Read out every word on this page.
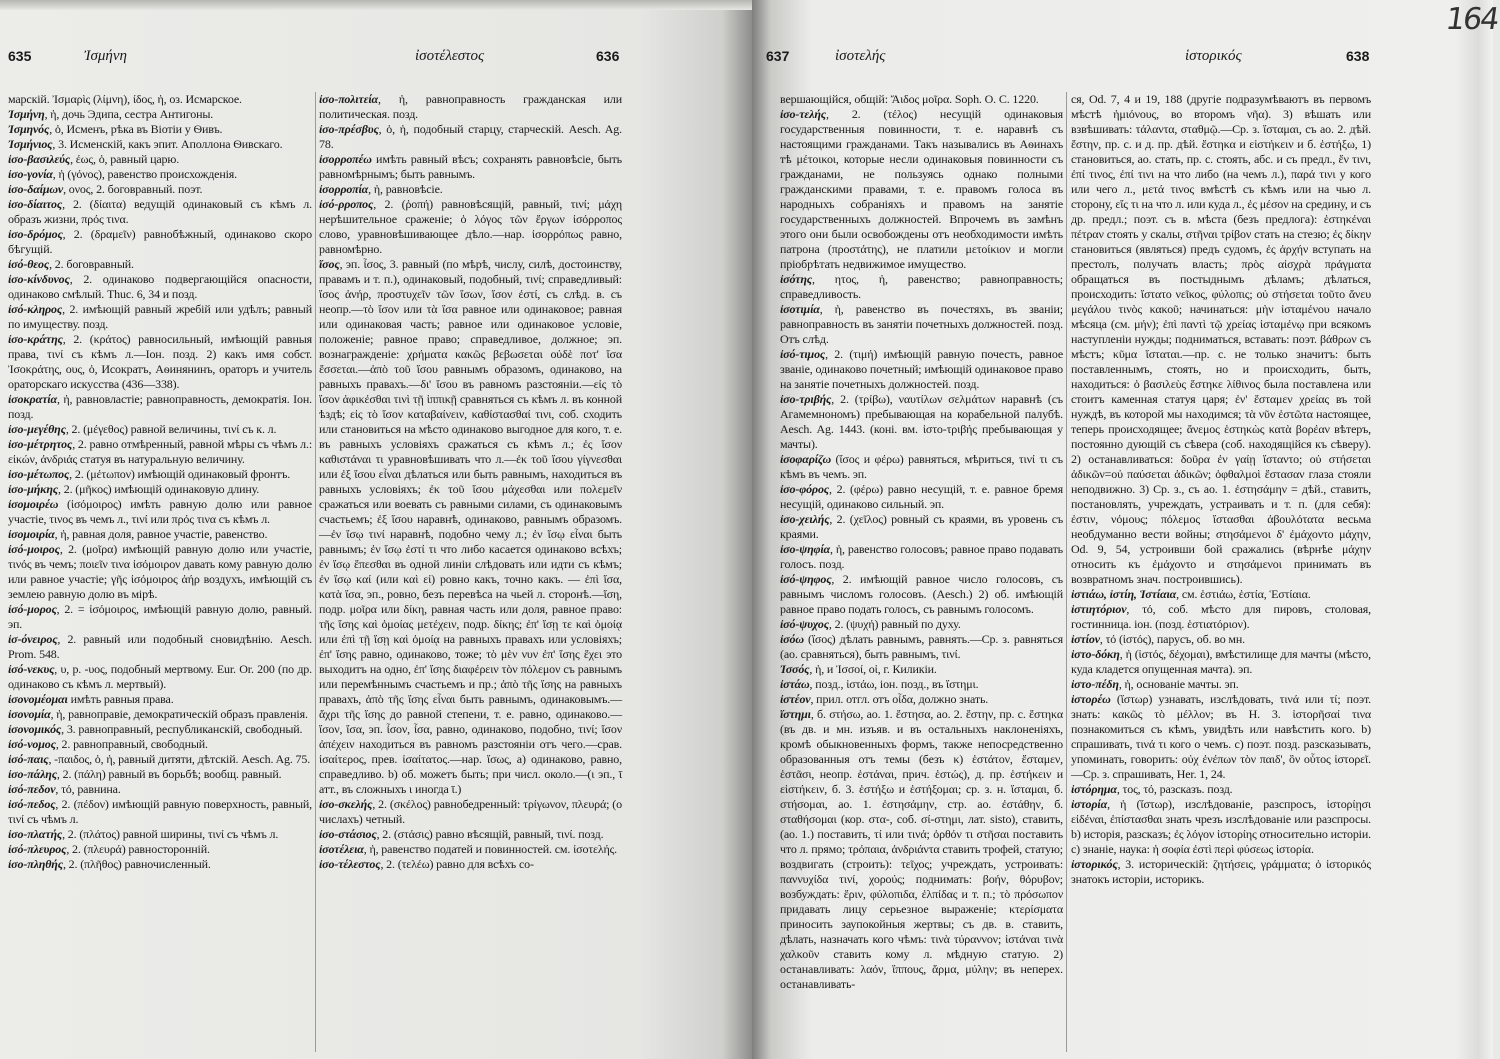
164
635	Ἰσμήνη	ἰσοτέλεστος	636	637	ἰσοτελής	ἱστορικός	638

марскій. Ἰσμαρὶς (λίμνη), ίδος, ἡ, оз. Исмарское.

Ἰσμήνη, ἡ, дочь Эдипа, сестра Антигоны.

Ἰσμηνός, ὁ, Исменъ, рѣка въ Віотіи у Ѳивъ.

Ἰσμήνιος, 3. Исменскій, какъ эпит. Аполлона Ѳивскаго.

ἰσο-βασιλεύς, έως, ὁ, равный царю.

ἰσο-γονία, ἡ (γόνος), равенство происхожденія.

ἰσο-δαίμων, ονος, 2. боговравный. поэт.

ἰσο-δίαιτος, 2. (δίαιτα) ведущій одинаковый съ кѣмъ л. образъ жизни, πρός τινα.

ἰσο-δρόμος, 2. (δραμεῖν) равнобѣжный, одинаково скоро бѣгущій.

ἰσό-θεος, 2. боговравный.

ἰσο-κίνδυνος, 2. одинаково подвергающійся опасности, одинаково смѣлый. Thuc. 6, 34 и позд.

ἰσό-κληρος, 2. имѣющій равный жребій или удѣлъ; равный по имуществу. позд.

ἰσο-κράτης, 2. (κράτος) равносильный, имѣющій равныя права, τινί съ кѣмъ л.—Іон. позд. 2) какъ имя собст. Ἰσοκράτης, ους, ὁ, Исократъ, Аѳинянинъ, ораторъ и учитель ораторскаго искусства (436—338).

ἰσοκρατία, ἡ, равновластіе; равноправность, демократія. Іон. позд.

ἰσο-μεγέθης, 2. (μέγεθος) равной величины, τινί съ к. л.

ἰσο-μέτρητος, 2. равно отмѣренный, равной мѣры съ чѣмъ л.: εἰκών, ἀνδριάς статуя въ натуральную величину.

ἰσο-μέτωπος, 2. (μέτωπον) имѣющій одинаковый фронтъ.

ἰσο-μήκης, 2. (μῆκος) имѣющій одинаковую длину.

ἰσομοιρέω (ἰσόμοιρος) имѣть равную долю или равное участіе, τινος въ чемъ л., τινί или πρός τινα съ кѣмъ л.

ἰσομοιρία, ἡ, равная доля, равное участіе, равенство.

ἰσό-μοιρος, 2. (μοῖρα) имѣющій равную долю или участіе, τινός въ чемъ; ποιεῖν τινα ἰσόμοιρον давать кому равную долю или равное участіе; γῆς ἰσόμοιρος ἀήρ воздухъ, имѣющій съ землею равную долю въ мірѣ.

ἰσό-μορος, 2. = ἰσόμοιρος, имѣющій равную долю, равный. эп.

ἰσ-όνειρος, 2. равный или подобный сновидѣнію. Aesch. Prom. 548.

ἰσό-νεκυς, υ, р. -υος, подобный мертвому. Eur. Or. 200 (по др. одинаково съ кѣмъ л. мертвый).

ἰσονομέομαι имѣть равныя права.

ἰσονομία, ἡ, равноправіе, демократическій образъ правленія.

ἰσονομικός, 3. равноправный, республиканскій, свободный.

ἰσό-νομος, 2. равноправный, свободный.

ἰσό-παις, -παιδος, ὁ, ἡ, равный дитяти, дѣтскій. Aesch. Ag. 75.

ἰσο-πάλης, 2. (πάλη) равный въ борьбѣ; вообщ. равный.

ἰσό-πεδον, τό, равнина.

ἰσό-πεδος, 2. (πέδον) имѣющій равную поверхность, равный, τινί съ чѣмъ л.

ἰσο-πλατής, 2. (πλάτος) равной ширины, τινί съ чѣмъ л.

ἰσό-πλευρος, 2. (πλευρά) равносторонній.

ἰσο-πληθής, 2. (πλῆθος) равночисленный.

ἰσο-πολιτεία, ἡ, равноправность гражданская или политическая. позд.

ἰσο-πρέσβυς, ὁ, ἡ, подобный старцу, старческій. Aesch. Ag. 78.

ἰσορροπέω имѣть равный вѣсъ; сохранять равновѣсіе, быть равномѣрнымъ; быть равнымъ.

ἰσορροπία, ἡ, равновѣсіе.

ἰσό-ρροπος, 2. (ῥοπή) равновѣсящій, равный, τινί; μάχη нерѣшительное сраженіе; ὁ λόγος τῶν ἔργων ἰσόρροπος слово, уравновѣшивающее дѣло.—нар. ἰσορρόπως равно, равномѣрно.

ἴσος, эп. ἶσος, 3. равный (по мѣрѣ, числу, силѣ, достоинству, правамъ и т. п.), одинаковый, подобный, τινί; справедливый: ἴσος ἀνήρ, προστυχεῖν τῶν ἴσων, ἴσον ἐστί, съ слѣд. в. съ неопр.—τὸ ἴσον или τὰ ἴσα равное или одинаковое; равная или одинаковая часть; равное или одинаковое условіе, положеніе; равное право; справедливое, должное; эп. вознагражденіе: χρήματα κακῶς βεβωσεται οὐδὲ ποτ' ἴσα ἔσσεται.—ἀπὸ τοῦ ἴσου равнымъ образомъ, одинаково, на равныхъ правахъ.—δι' ἴσου въ равномъ разстояніи.—εἰς τὸ ἴσον ἀφικέσθαι τινὶ τῇ ἱππικῇ сравняться съ кѣмъ л. въ конной ѣздѣ; εἰς τὸ ἴσον καταβαίνειν, καθίστασθαί τινι, соб. сходить или становиться на мѣсто одинаково выгодное для кого, т. е. въ равныхъ условіяхъ сражаться съ кѣмъ л.; ἐς ἴσον καθιστάναι τι уравновѣшивать что л.—ἐκ τοῦ ἴσου γίγνεσθαι или ἐξ ἴσου εἶναι дѣлаться или быть равнымъ, находиться въ равныхъ условіяхъ; ἐκ τοῦ ἴσου μάχεσθαι или πολεμεῖν сражаться или воевать съ равными силами, съ одинаковымъ счастьемъ; ἐξ ἴσου наравнѣ, одинаково, равнымъ образомъ.—ἐν ἴσῳ τινί наравнѣ, подобно чему л.; ἐν ἴσῳ εἶναι быть равнымъ; ἐν ἴσῳ ἐστί τι что либо касается одинаково всѣхъ; ἐν ἴσῳ ἕπεσθαι въ одной линіи слѣдовать или идти съ кѣмъ; ἐν ἴσῳ καί (или καὶ εἰ) ровно какъ, точно какъ. — ἐπὶ ἴσα, κατὰ ἴσα, эп., ровно, безъ перевѣса на чьей л. сторонѣ.—ἴση, подр. μοῖρα или δίκη, равная часть или доля, равное право: τῆς ἴσης καὶ ὁμοίας μετέχειν, подр. δίκης; ἐπ' ἴσῃ τε καὶ ὁμοίᾳ или ἐπὶ τῇ ἴσῃ καὶ ὁμοίᾳ на равныхъ правахъ или условіяхъ; ἐπ' ἴσης равно, одинаково, тоже; τὸ μὲν νυν ἐπ' ἴσης ἔχει это выходитъ на одно, ἐπ' ἴσης διαφέρειν τὸν πόλεμον съ равнымъ или перемѣннымъ счастьемъ и пр.; ἀπὸ τῆς ἴσης на равныхъ правахъ, ἀπὸ τῆς ἴσης εἶναι быть равнымъ, одинаковымъ.—ἄχρι τῆς ἴσης до равной степени, т. е. равно, одинаково.—ἴσον, ἴσα, эп. ἶσον, ἶσα, равно, одинаково, подобно, τινί; ἴσον ἀπέχειν находиться въ равномъ разстояніи отъ чего.—срав. ἰσαίτερος, прев. ἰσαίτατος.—нар. ἴσως, а) одинаково, равно, справедливо. b) об. можетъ быть; при числ. около.—(ι эп., ῑ атт., въ сложныхъ ι иногда ῑ.)

ἰσο-σκελής, 2. (σκέλος) равнобедренный: τρίγωνον, πλευρά; (о числахъ) четный.

ἰσο-στάσιος, 2. (στάσις) равно вѣсящій, равный, τινί. позд.

ἰσοτέλεια, ἡ, равенство податей и повинностей. см. ἰσοτελής.

ἰσο-τέλεστος, 2. (τελέω) равно для всѣхъ со-

вершающійся, общій: Ἄιδος μοῖρα. Soph. O. C. 1220.

ἰσο-τελής, 2. (τέλος) несущій одинаковыя государственныя повинности, т. е. наравнѣ съ настоящими гражданами. Такъ назывались въ Аѳинахъ тѣ μέτοικοι, которые несли одинаковыя повинности съ гражданами, не пользуясь однако полными гражданскими правами, т. е. правомъ голоса въ народныхъ собраніяхъ и правомъ на занятіе государственныхъ должностей. Впрочемъ въ замѣнъ этого они были освобождены отъ необходимости имѣть патрона (προστάτης), не платили μετοίκιον и могли пріобрѣтать недвижимое имущество.

ἰσότης, ητος, ἡ, равенство; равноправность; справедливость.

ἰσοτιμία, ἡ, равенство въ почестяхъ, въ званіи; равноправность въ занятіи почетныхъ должностей. позд. Отъ слѣд.

ἰσό-τιμος, 2. (τιμή) имѣющій равную почесть, равное званіе, одинаково почетный; имѣющій одинаковое право на занятіе почетныхъ должностей. позд.

ἰσο-τριβής, 2. (τρίβω), ναυτίλων σελμάτων наравнѣ (съ Агамемнономъ) пребывающая на корабельной палубѣ. Aesch. Ag. 1443. (коні. вм. ἱστο-τριβής пребывающая у мачты).

ἰσοφαρίζω (ἴσος и φέρω) равняться, мѣриться, τινί τι съ кѣмъ въ чемъ. эп.

ἰσο-φόρος, 2. (φέρω) равно несущій, т. е. равное бремя несущій, одинаково сильный. эп.

ἰσο-χειλής, 2. (χεῖλος) ровный съ краями, въ уровень съ краями.

ἰσο-ψηφία, ἡ, равенство голосовъ; равное право подавать голосъ. позд.

ἰσό-ψηφος, 2. имѣющій равное число голосовъ, съ равнымъ числомъ голосовъ. (Aesch.) 2) об. имѣющій равное право подать голосъ, съ равнымъ голосомъ.

ἰσό-ψυχος, 2. (ψυχή) равный по духу.

ἰσόω (ἴσος) дѣлать равнымъ, равнять.—Ср. з. равняться (ао. сравняться), быть равнымъ, τινί.

Ἰσσός, ἡ, и Ἰσσοί, οἱ, г. Киликіи.

ἰστάω, позд., ἱστάω, іон. позд., въ ἵστημι.

ἰστέον, прил. отгл. отъ οἶδα, должно знать.

ἵστημι, б. στήσω, ао. 1. ἔστησα, ао. 2. ἔστην, пр. с. ἕστηκα (въ дв. и мн. изъяв. и въ остальныхъ наклоненіяхъ, кромѣ обыкновенныхъ формъ, также непосредственно образованныя отъ темы (безъ κ) ἑστάτον, ἕσταμεν, ἑστᾶσι, неопр. ἑστάναι, прич. ἑστώς), д. пр. ἑστήκειν и εἱστήκειν, б. 3. ἑστήξω и ἑστήξομαι; ср. з. н. ἵσταμαι, б. στήσομαι, ао. 1. ἐστησάμην, стр. ао. ἐστάθην, б. σταθήσομαι (кор. στα-, соб. σί-στημι, лат. sisto), ставить, (ао. 1.) поставить, τί или τινά; ὀρθόν τι στῆσαι поставить что л. прямо; τρόπαια, ἀνδριάντα ставить трофей, статую; воздвигать (строить): τεῖχος; учреждать, устроивать: παννυχίδα τινί, χορούς; поднимать: βοήν, θόρυβον; возбуждать: ἔριν, φύλοπιδα, ἐλπίδας и т. п.; τὸ πρόσωπον придавать лицу серьезное выраженіе; κτερίσματα приносить заупокойныя жертвы; съ дв. в. ставить, дѣлать, назначать кого чѣмъ: τινὰ τύραννον; ἱστάναι τινὰ χαλκοῦν ставить кому л. мѣдную статую. 2) останавливать: λαόν, ἵππους, ἅρμα, μύλην; въ неперех. останавливать-

ся, Od. 7, 4 и 19, 188 (другіе подразумѣваютъ въ первомъ мѣстѣ ἡμιόνους, во второмъ νῆα). 3) вѣшать или взвѣшивать: τάλαντα, σταθμῷ.—Ср. з. ἵσταμαι, съ ао. 2. дѣй. ἔστην, пр. с. и д. пр. дѣй. ἕστηκα и εἱστήκειν и б. ἑστήξω, 1) становиться, ао. стать, пр. с. стоять, абс. и съ предл., ἔν τινι, ἐπί τινος, ἐπί τινι на что либо (на чемъ л.), παρά τινι у кого или чего л., μετά τινος вмѣстѣ съ кѣмъ или на чью л. сторону, εἴς τι на что л. или куда л., ἐς μέσον на средину, и съ др. предл.; поэт. съ в. мѣста (безъ предлога): ἑστηκέναι πέτραν стоять у скалы, στῆναι τρίβον стать на стезю; ἐς δίκην становиться (являться) предъ судомъ, ἐς ἀρχήν вступать на престолъ, получать власть; πρὸς αἰσχρὰ πράγματα обращаться въ постыднымъ дѣламъ; дѣлаться, происходить: ἵστατο νεῖκος, φύλοπις; οὐ στήσεται τοῦτο ἄνευ μεγάλου τινὸς κακοῦ; начинаться: μὴν ἱσταμένου начало мѣсяца (см. μήν); ἐπὶ παντὶ τῷ χρείας ἱσταμένῳ при всякомъ наступленіи нужды; подниматься, вставать: поэт. βάθρων съ мѣстъ; κῦμα ἵσταται.—пр. с. не только значитъ: быть поставленнымъ, стоять, но и происходить, быть, находиться: ὁ βασιλεὺς ἕστηκε λίθινος была поставлена или стоитъ каменная статуя царя; ἐν' ἕσταμεν χρείας въ той нуждѣ, въ которой мы находимся; τὰ νῦν ἑστῶτα настоящее, теперь происходящее; ἄνεμος ἑστηκὼς κατὰ βορέαν вѣтеръ, постоянно дующій съ сѣвера (соб. находящійся къ сѣверу). 2) останавливаться: δοῦρα ἐν γαίῃ ἵσταντο; οὐ στήσεται ἀδικῶν=οὐ παύσεται ἀδικῶν; ὀφθαλμοὶ ἕστασαν глаза стояли неподвижно. 3) Ср. з., съ ао. 1. ἐστησάμην = дѣй., ставить, постановлять, учреждать, устраивать и т. п. (для себя): ἐστιν, νόμους; πόλεμος ἵστασθαι ἀβουλότατα весьма необдуманно вести войны; στησάμενοι δ' ἐμάχοντο μάχην, Od. 9, 54, устроивши бой сражались (вѣрнѣе μάχην относить къ ἐμάχοντο и στησάμενοι принимать въ возвратномъ знач. построившись).

ἱστιάω, ἱστίη, Ἱστίαια, см. ἑστιάω, ἑστία, Ἑστίαια.

ἱστιητόριον, τό, соб. мѣсто для пировъ, столовая, гостинница. іон. (позд. ἑστιατόριον).

ἱστίον, τό (ἱστός), парусъ, об. во мн.

ἱστο-δόκη, ἡ (ἱστός, δέχομαι), вмѣстилище для мачты (мѣсто, куда кладется опущенная мачта). эп.

ἱστο-πέδη, ἡ, основаніе мачты. эп.

ἱστορέω (ἵστωρ) узнавать, изслѣдовать, τινά или τί; поэт. знать: κακῶς τὸ μέλλον; въ Н. 3. ἱστορῆσαί τινα познакомиться съ кѣмъ, увидѣть или навѣстить кого. b) спрашивать, τινά τι кого о чемъ. c) поэт. позд. разсказывать, упоминать, говорить: οὐχ ἐνέπων τὸν παιδ', ὃν οὗτος ἱστορεῖ.—Ср. з. спрашивать, Her. 1, 24.

ἱστόρημα, τος, τό, разсказъ. позд.

ἱστορία, ἡ (ἵστωρ), изслѣдованіе, разспросъ, ἱστορίῃσι εἰδέναι, ἐπίστασθαι знать чрезъ изслѣдованіе или разспросы. b) исторія, разсказъ; ἐς λόγον ἱστορίης относительно исторіи. c) знаніе, наука: ἡ σοφία ἐστὶ περὶ φύσεως ἱστορία.

ἱστορικός, 3. историческій: ζητήσεις, γράμματα; ὁ ἱστορικός знатокъ исторіи, историкъ.
